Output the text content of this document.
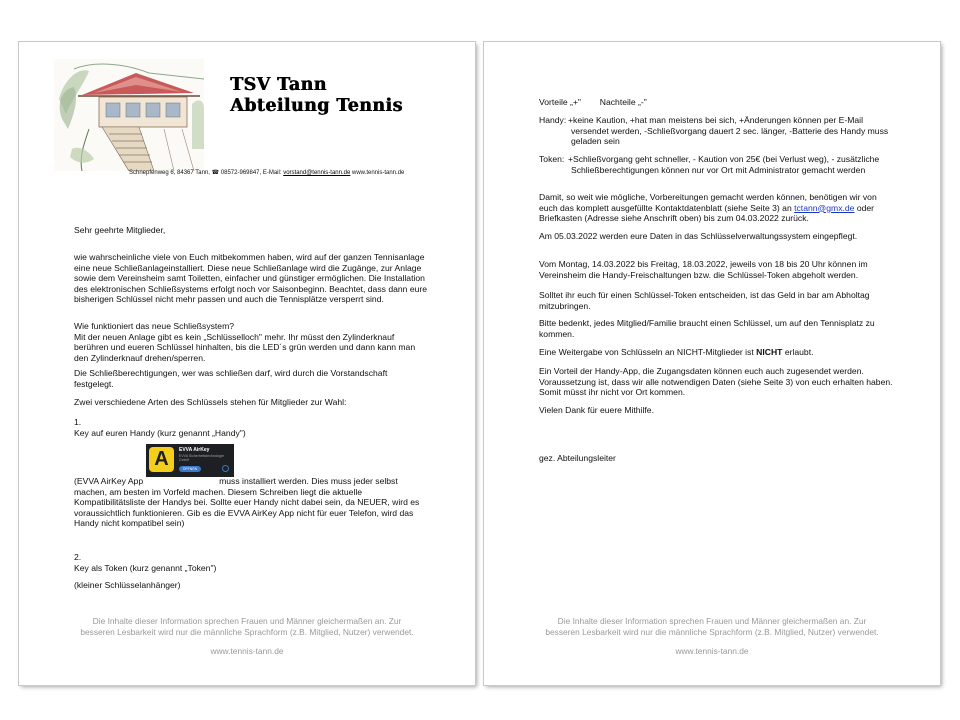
TSV Tann
Abteilung Tennis
Schnepfenweg 6, 84367 Tann, ☎ 08572-969847, E-Mail: vorstand@tennis-tann.de www.tennis-tann.de
Sehr geehrte Mitglieder,
wie wahrscheinliche viele von Euch mitbekommen haben, wird auf der ganzen Tennisanlage
eine neue Schließanlageinstalliert. Diese neue Schließanlage wird die Zugänge, zur Anlage
sowie dem Vereinsheim samt Toiletten, einfacher und günstiger ermöglichen. Die Installation
des elektronischen Schließsystems erfolgt noch vor Saisonbeginn. Beachtet, dass dann eure
bisherigen Schlüssel nicht mehr passen und auch die Tennisplätze versperrt sind.
Wie funktioniert das neue Schließsystem?
Mit der neuen Anlage gibt es kein „Schlüsselloch" mehr. Ihr müsst den Zylinderknauf
berühren und eueren Schlüssel hinhalten, bis die LED´s grün werden und dann kann man
den Zylinderknauf drehen/sperren.
Die Schließberechtigungen, wer was schließen darf, wird durch die Vorstandschaft
festgelegt.
Zwei verschiedene Arten des Schlüssels stehen für Mitglieder zur Wahl:
1.
Key auf euren Handy (kurz genannt „Handy")
A	EVVA AirKey
EVVA Sicherheitstechnologie GmbH
ÖFFNEN
(EVVA AirKey App	muss installiert werden. Dies muss jeder selbst
machen, am besten im Vorfeld machen. Diesem Schreiben liegt die aktuelle
Kompatibilitätsliste der Handys bei. Sollte euer Handy nicht dabei sein, da NEUER, wird es
voraussichtlich funktionieren. Gib es die EVVA AirKey App nicht für euer Telefon, wird das
Handy nicht kompatibel sein)
2.
Key als Token (kurz genannt „Token")
(kleiner Schlüsselanhänger)
Die Inhalte dieser Information sprechen Frauen und Männer gleichermaßen an. Zur
besseren Lesbarkeit wird nur die männliche Sprachform (z.B. Mitglied, Nutzer) verwendet.
www.tennis-tann.de
Vorteile „+" Nachteile „-"
Handy: +keine Kaution, +hat man meistens bei sich, +Änderungen können per E-Mail
versendet werden, -Schließvorgang dauert 2 sec. länger, -Batterie des Handy muss
geladen sein
Token: +Schließvorgang geht schneller, - Kaution von 25€ (bei Verlust weg), - zusätzliche
Schließberechtigungen können nur vor Ort mit Administrator gemacht werden
Damit, so weit wie mögliche, Vorbereitungen gemacht werden können, benötigen wir von
euch das komplett ausgefüllte Kontaktdatenblatt (siehe Seite 3) an tctann@gmx.de oder
Briefkasten (Adresse siehe Anschrift oben) bis zum 04.03.2022 zurück.
Am 05.03.2022 werden eure Daten in das Schlüsselverwaltungssystem eingepflegt.
Vom Montag, 14.03.2022 bis Freitag, 18.03.2022, jeweils von 18 bis 20 Uhr können im
Vereinsheim die Handy-Freischaltungen bzw. die Schlüssel-Token abgeholt werden.
Solltet ihr euch für einen Schlüssel-Token entscheiden, ist das Geld in bar am Abholtag
mitzubringen.
Bitte bedenkt, jedes Mitglied/Familie braucht einen Schlüssel, um auf den Tennisplatz zu
kommen.
Eine Weitergabe von Schlüsseln an NICHT-Mitglieder ist NICHT erlaubt.
Ein Vorteil der Handy-App, die Zugangsdaten können euch auch zugesendet werden.
Voraussetzung ist, dass wir alle notwendigen Daten (siehe Seite 3) von euch erhalten haben.
Somit müsst ihr nicht vor Ort kommen.
Vielen Dank für euere Mithilfe.
gez. Abteilungsleiter
Die Inhalte dieser Information sprechen Frauen und Männer gleichermaßen an. Zur
besseren Lesbarkeit wird nur die männliche Sprachform (z.B. Mitglied, Nutzer) verwendet.
www.tennis-tann.de
